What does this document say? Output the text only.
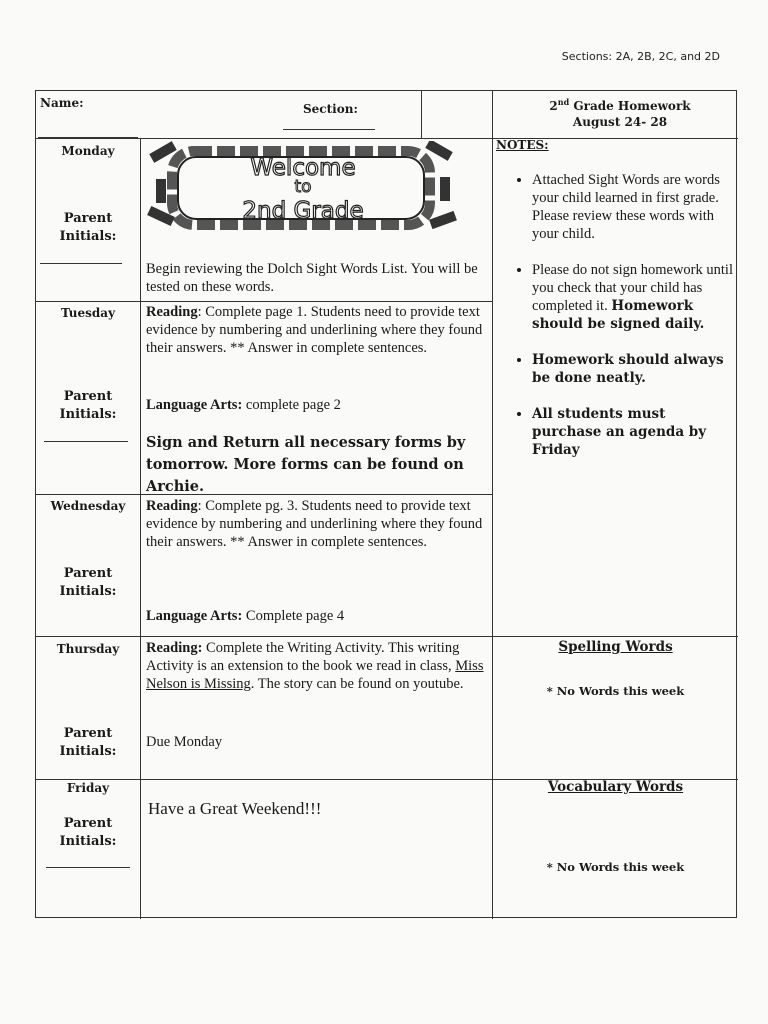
Sections: 2A, 2B, 2C, and 2D
Name:	Section:	2nd Grade Homework
August 24- 28
Monday
Parent Initials:
Welcome
to
2nd Grade
Begin reviewing the Dolch Sight Words List. You will be tested on these words.
Tuesday
Parent Initials:
Reading: Complete page 1. Students need to provide text evidence by numbering and underlining where they found their answers. ** Answer in complete sentences.
Language Arts: complete page 2
Sign and Return all necessary forms by tomorrow. More forms can be found on Archie.
Wednesday
Parent Initials:
Reading: Complete pg. 3. Students need to provide text evidence by numbering and underlining where they found their answers. ** Answer in complete sentences.
Language Arts: Complete page 4
Thursday
Parent Initials:
Reading: Complete the Writing Activity. This writing Activity is an extension to the book we read in class, Miss Nelson is Missing. The story can be found on youtube.
Due Monday
Friday
Parent Initials:
Have a Great Weekend!!!
NOTES:
• Attached Sight Words are words your child learned in first grade. Please review these words with your child.
• Please do not sign homework until you check that your child has completed it. Homework should be signed daily.
• Homework should always be done neatly.
• All students must purchase an agenda by Friday
Spelling Words
* No Words this week
Vocabulary Words
* No Words this week
